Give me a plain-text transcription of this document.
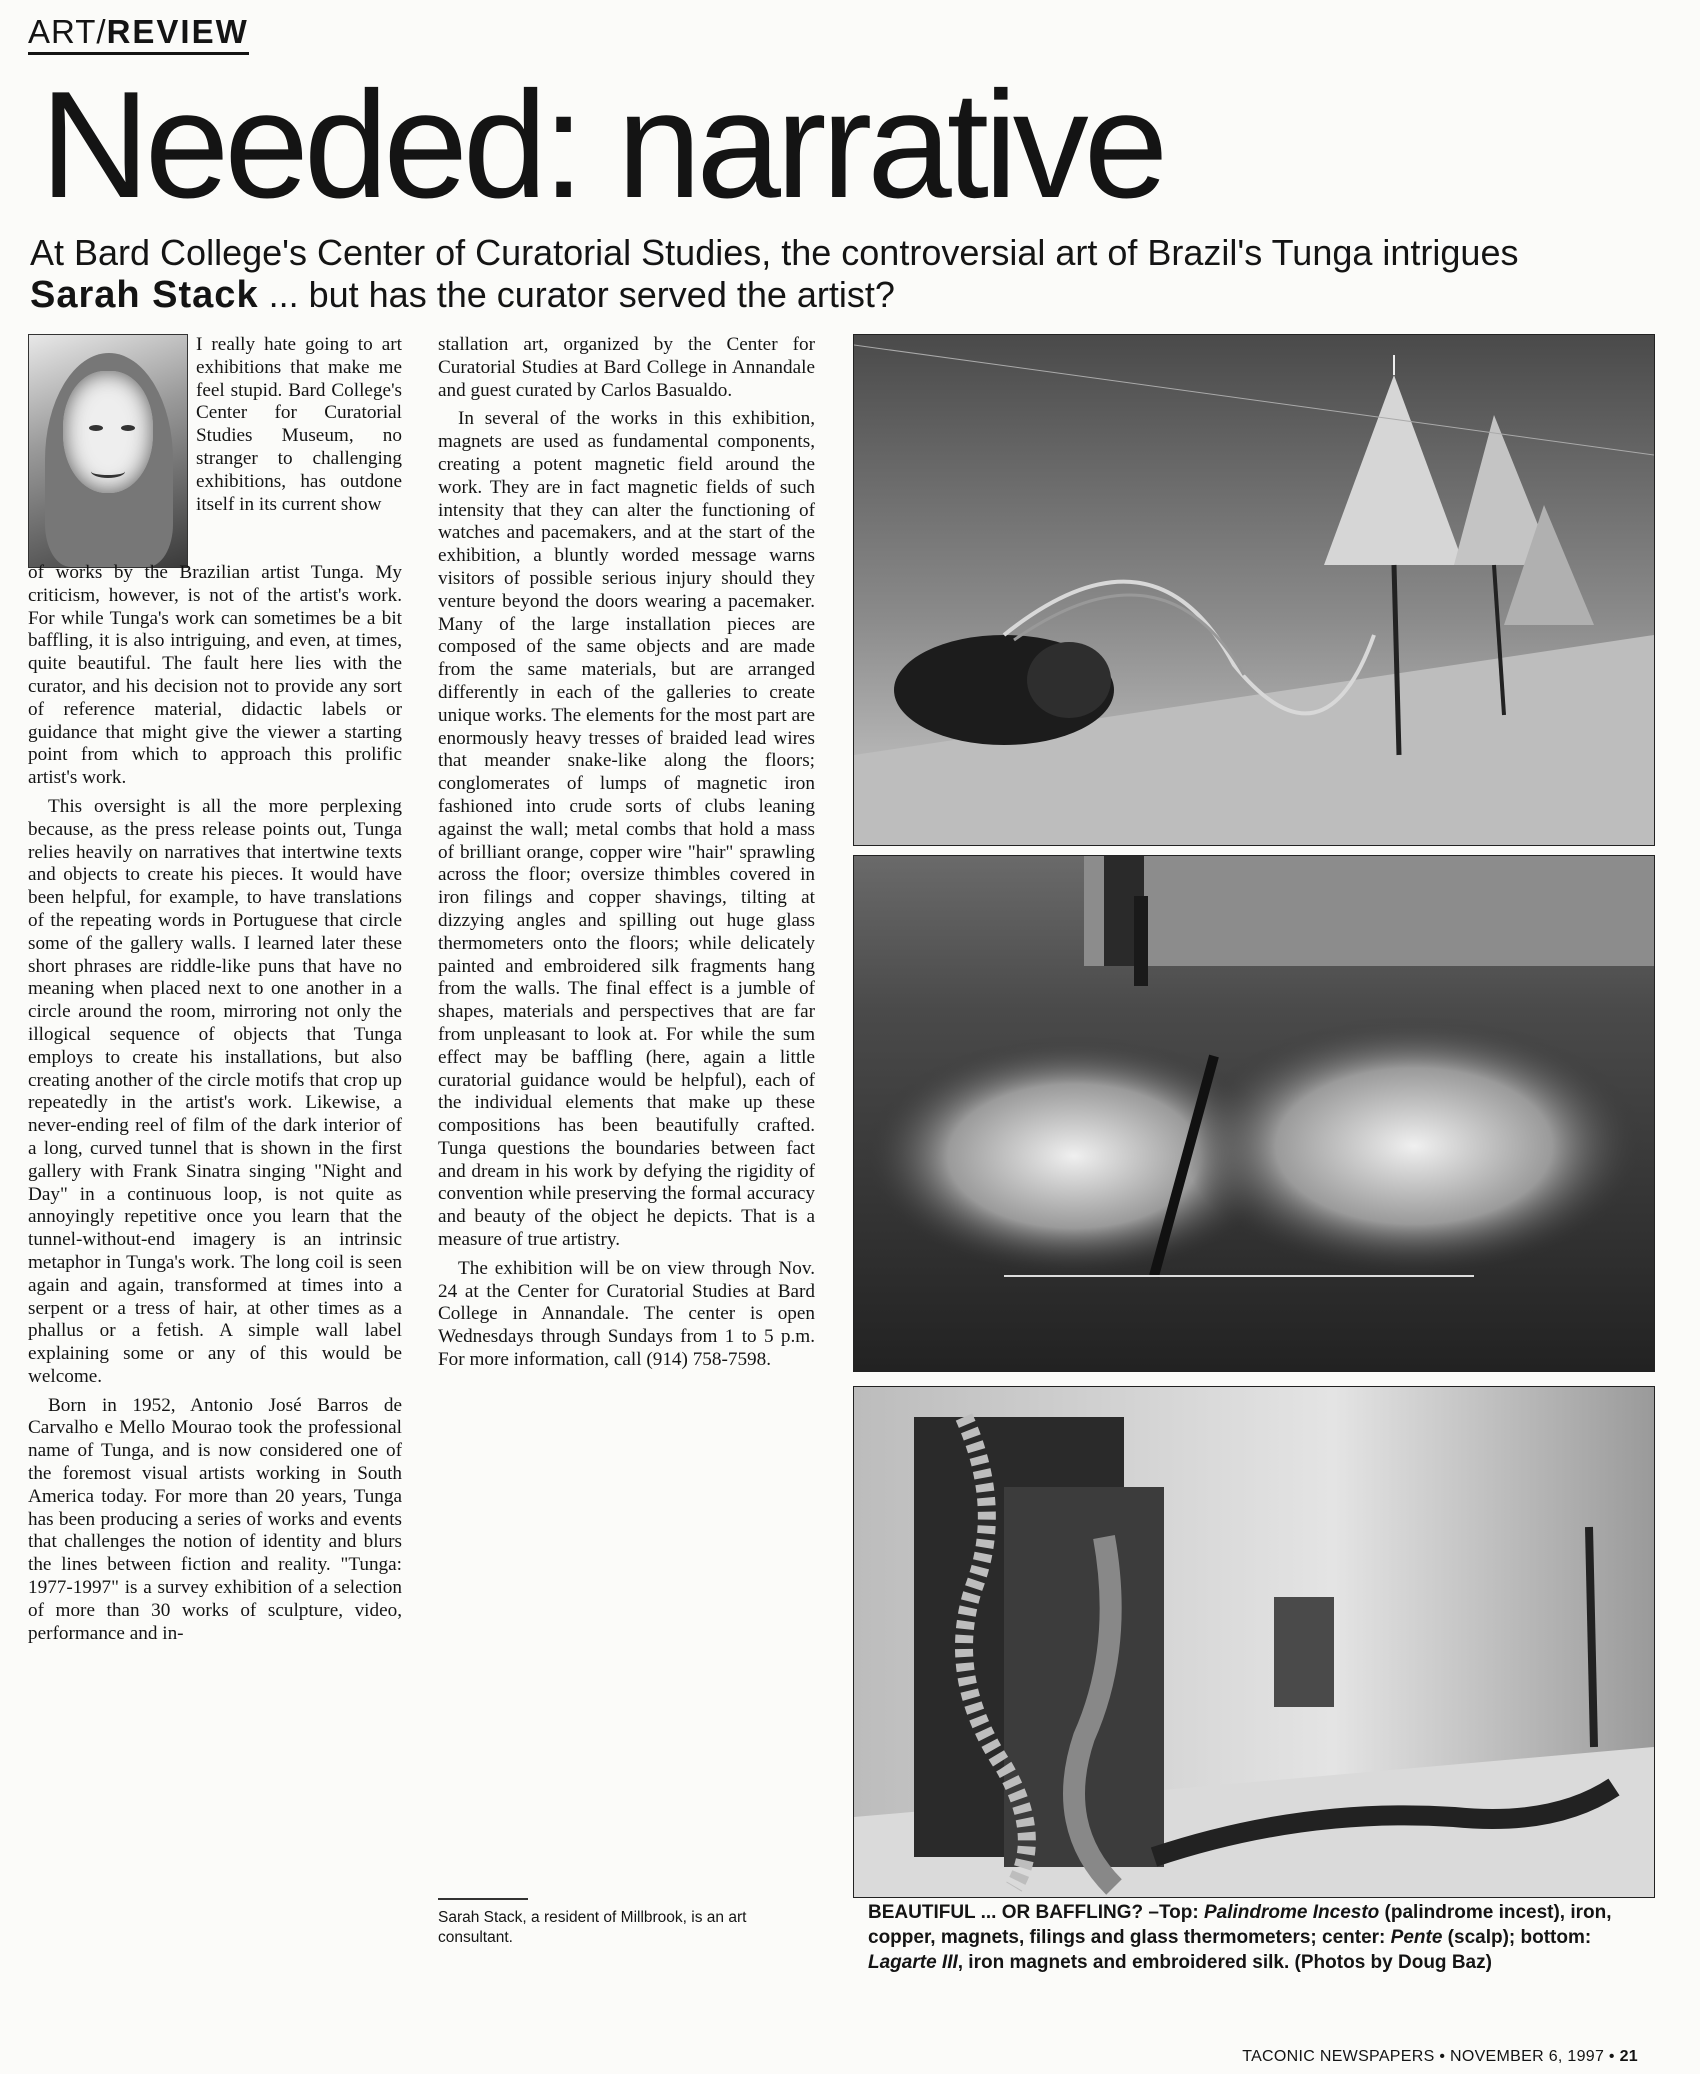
ART/REVIEW
Needed: narrative
At Bard College's Center of Curatorial Studies, the controversial art of Brazil's Tunga intrigues
Sarah Stack ... but has the curator served the artist?

I really hate going to art exhibitions that make me feel stupid. Bard College's Center for Curatorial Studies Museum, no stranger to challenging exhibitions, has outdone itself in its current show

of works by the Brazilian artist Tunga. My criticism, however, is not of the artist's work. For while Tunga's work can sometimes be a bit baffling, it is also intriguing, and even, at times, quite beautiful. The fault here lies with the curator, and his decision not to provide any sort of reference material, didactic labels or guidance that might give the viewer a starting point from which to approach this prolific artist's work.

This oversight is all the more perplexing because, as the press release points out, Tunga relies heavily on narratives that intertwine texts and objects to create his pieces. It would have been helpful, for example, to have translations of the repeating words in Portuguese that circle some of the gallery walls. I learned later these short phrases are riddle-like puns that have no meaning when placed next to one another in a circle around the room, mirroring not only the illogical sequence of objects that Tunga employs to create his installations, but also creating another of the circle motifs that crop up repeatedly in the artist's work. Likewise, a never-ending reel of film of the dark interior of a long, curved tunnel that is shown in the first gallery with Frank Sinatra singing "Night and Day" in a continuous loop, is not quite as annoyingly repetitive once you learn that the tunnel-without-end imagery is an intrinsic metaphor in Tunga's work. The long coil is seen again and again, transformed at times into a serpent or a tress of hair, at other times as a phallus or a fetish. A simple wall label explaining some or any of this would be welcome.

Born in 1952, Antonio José Barros de Carvalho e Mello Mourao took the professional name of Tunga, and is now considered one of the foremost visual artists working in South America today. For more than 20 years, Tunga has been producing a series of works and events that challenges the notion of identity and blurs the lines between fiction and reality. "Tunga: 1977-1997" is a survey exhibition of a selection of more than 30 works of sculpture, video, performance and in-

stallation art, organized by the Center for Curatorial Studies at Bard College in Annandale and guest curated by Carlos Basualdo.

In several of the works in this exhibition, magnets are used as fundamental components, creating a potent magnetic field around the work. They are in fact magnetic fields of such intensity that they can alter the functioning of watches and pacemakers, and at the start of the exhibition, a bluntly worded message warns visitors of possible serious injury should they venture beyond the doors wearing a pacemaker. Many of the large installation pieces are composed of the same objects and are made from the same materials, but are arranged differently in each of the galleries to create unique works. The elements for the most part are enormously heavy tresses of braided lead wires that meander snake-like along the floors; conglomerates of lumps of magnetic iron fashioned into crude sorts of clubs leaning against the wall; metal combs that hold a mass of brilliant orange, copper wire "hair" sprawling across the floor; oversize thimbles covered in iron filings and copper shavings, tilting at dizzying angles and spilling out huge glass thermometers onto the floors; while delicately painted and embroidered silk fragments hang from the walls. The final effect is a jumble of shapes, materials and perspectives that are far from unpleasant to look at. For while the sum effect may be baffling (here, again a little curatorial guidance would be helpful), each of the individual elements that make up these compositions has been beautifully crafted. Tunga questions the boundaries between fact and dream in his work by defying the rigidity of convention while preserving the formal accuracy and beauty of the object he depicts. That is a measure of true artistry.

The exhibition will be on view through Nov. 24 at the Center for Curatorial Studies at Bard College in Annandale. The center is open Wednesdays through Sundays from 1 to 5 p.m. For more information, call (914) 758-7598.

Sarah Stack, a resident of Millbrook, is an art consultant.
BEAUTIFUL ... OR BAFFLING? –Top: Palindrome Incesto (palindrome incest), iron, copper, magnets, filings and glass thermometers; center: Pente (scalp); bottom: Lagarte III, iron magnets and embroidered silk. (Photos by Doug Baz)
TACONIC NEWSPAPERS • NOVEMBER 6, 1997 • 21
